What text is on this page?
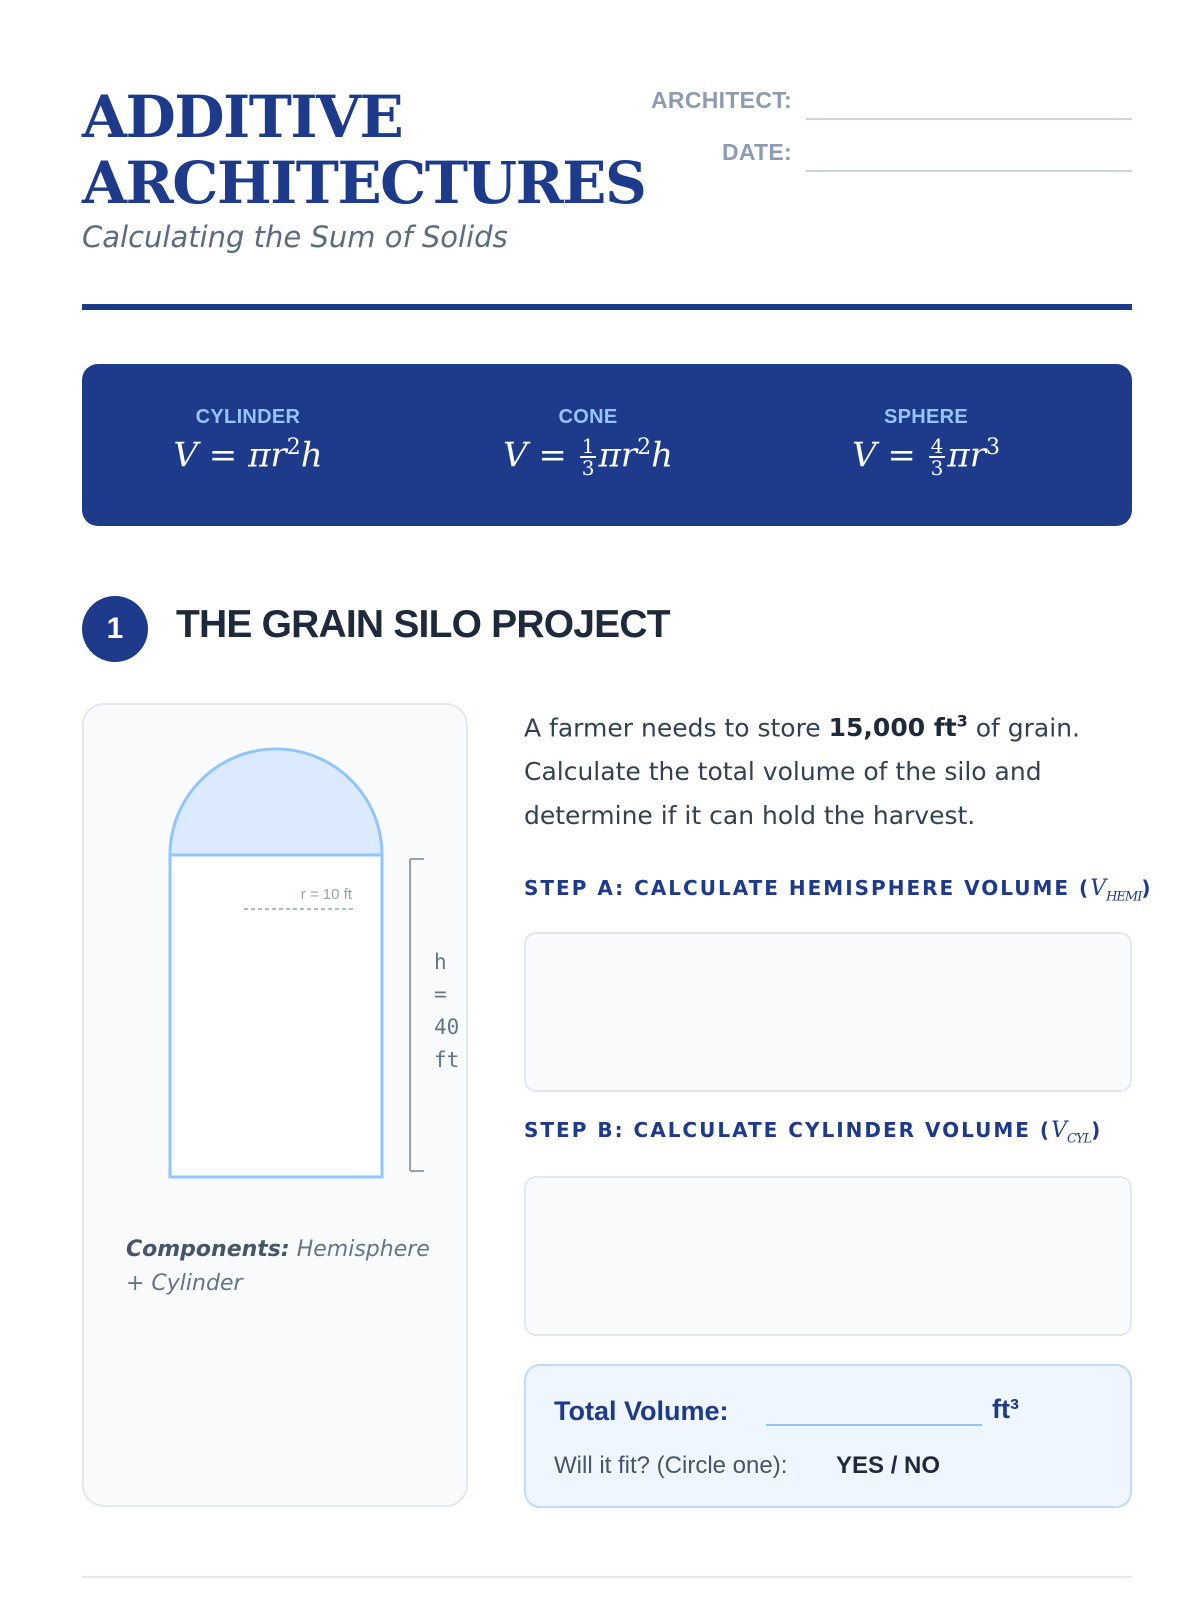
ADDITIVE
ARCHITECTURES
Calculating the Sum of Solids
ARCHITECT:
DATE:
CYLINDER
$V = \pi r^2h$
CONE
$V = \frac{1}{3} \pi r^2h$
SPHERE
$V = \frac{4}{3} \pi r^3$
1	THE GRAIN SILO PROJECT
r = 10 ft
h
=
40
ft
Components: Hemisphere + Cylinder
A farmer needs to store 15,000 $ft^3$ of grain. Calculate the total volume of the silo and determine if it can hold the harvest.
STEP A: CALCULATE HEMISPHERE VOLUME $(V_{HEMI})$
STEP B: CALCULATE CYLINDER VOLUME $(V_{CYL})$
Total Volume:	ft³
Will it fit? (Circle one): YES / NO
